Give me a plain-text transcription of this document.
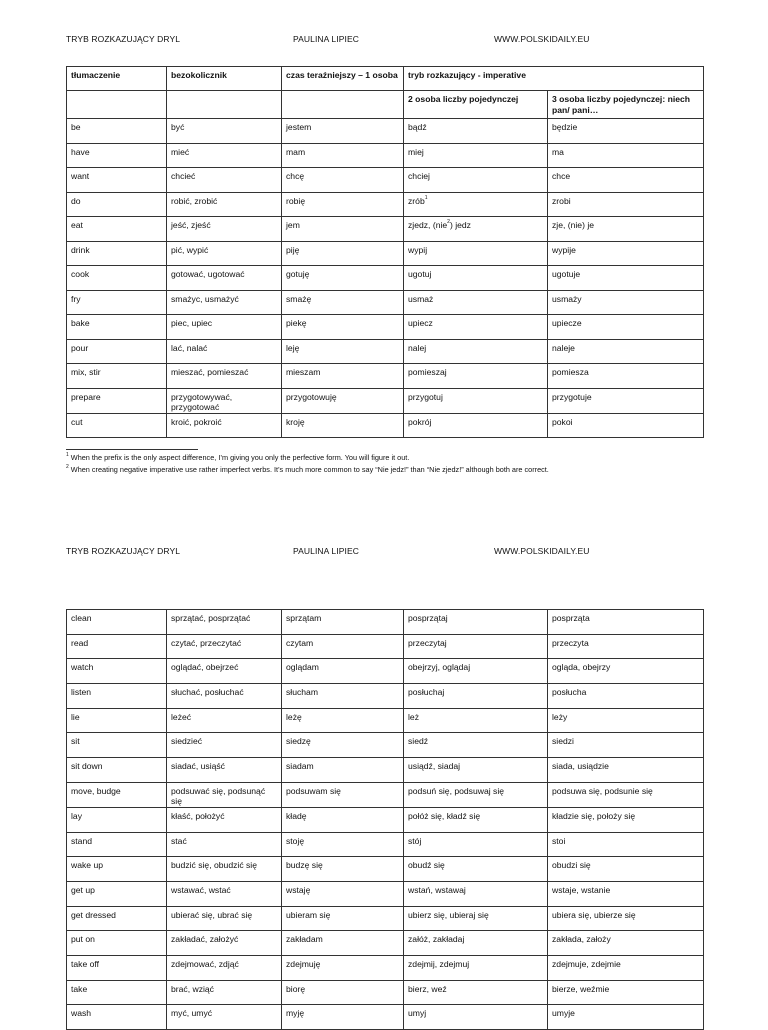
TRYB ROZKAZUJĄCY DRYL	PAULINA LIPIEC	WWW.POLSKIDAILY.EU
tłumaczenie	bezokolicznik	czas teraźniejszy – 1 osoba	tryb rozkazujący - imperative	
			2 osoba liczby pojedynczej	3 osoba liczby pojedynczej: niech pan/ pani…
be	być	jestem	bądź	będzie
have	mieć	mam	miej	ma
want	chcieć	chcę	chciej	chce
do	robić, zrobić	robię	zrób$^1$	zrobi
eat	jeść, zjeść	jem	zjedz, (nie$^2$) jedz	zje, (nie) je
drink	pić, wypić	piję	wypij	wypije
cook	gotować, ugotować	gotuję	ugotuj	ugotuje
fry	smażyc, usmażyć	smażę	usmaż	usmaży
bake	piec, upiec	piekę	upiecz	upiecze
pour	lać, nalać	leję	nalej	naleje
mix, stir	mieszać, pomieszać	mieszam	pomieszaj	pomiesza
prepare	przygotowywać, przygotować	przygotowuję	przygotuj	przygotuje
cut	kroić, pokroić	kroję	pokrój	pokoi
$^1$ When the prefix is the only aspect difference, I’m giving you only the perfective form. You will figure it out.
$^2$ When creating negative imperative use rather imperfect verbs. It’s much more common to say “Nie jedz!” than “Nie zjedz!” although both are correct.
TRYB ROZKAZUJĄCY DRYL	PAULINA LIPIEC	WWW.POLSKIDAILY.EU
clean	sprzątać, posprzątać	sprzątam	posprzątaj	posprząta
read	czytać, przeczytać	czytam	przeczytaj	przeczyta
watch	oglądać, obejrzeć	oglądam	obejrzyj, oglądaj	ogląda, obejrzy
listen	słuchać, posłuchać	słucham	posłuchaj	posłucha
lie	leżeć	leżę	leż	leży
sit	siedzieć	siedzę	siedź	siedzi
sit down	siadać, usiąść	siadam	usiądź, siadaj	siada, usiądzie
move, budge	podsuwać się, podsunąć się	podsuwam się	podsuń się, podsuwaj się	podsuwa się, podsunie się
lay	kłaść, położyć	kładę	połóż się, kładź się	kładzie się, położy się
stand	stać	stoję	stój	stoi
wake up	budzić się, obudzić się	budzę się	obudź się	obudzi się
get up	wstawać, wstać	wstaję	wstań, wstawaj	wstaje, wstanie
get dressed	ubierać się, ubrać się	ubieram się	ubierz się, ubieraj się	ubiera się, ubierze się
put on	zakładać, założyć	zakładam	załóż, zakładaj	zakłada, założy
take off	zdejmować, zdjąć	zdejmuję	zdejmij, zdejmuj	zdejmuje, zdejmie
take	brać, wziąć	biorę	bierz, weź	bierze, weźmie
wash	myć, umyć	myję	umyj	umyje
